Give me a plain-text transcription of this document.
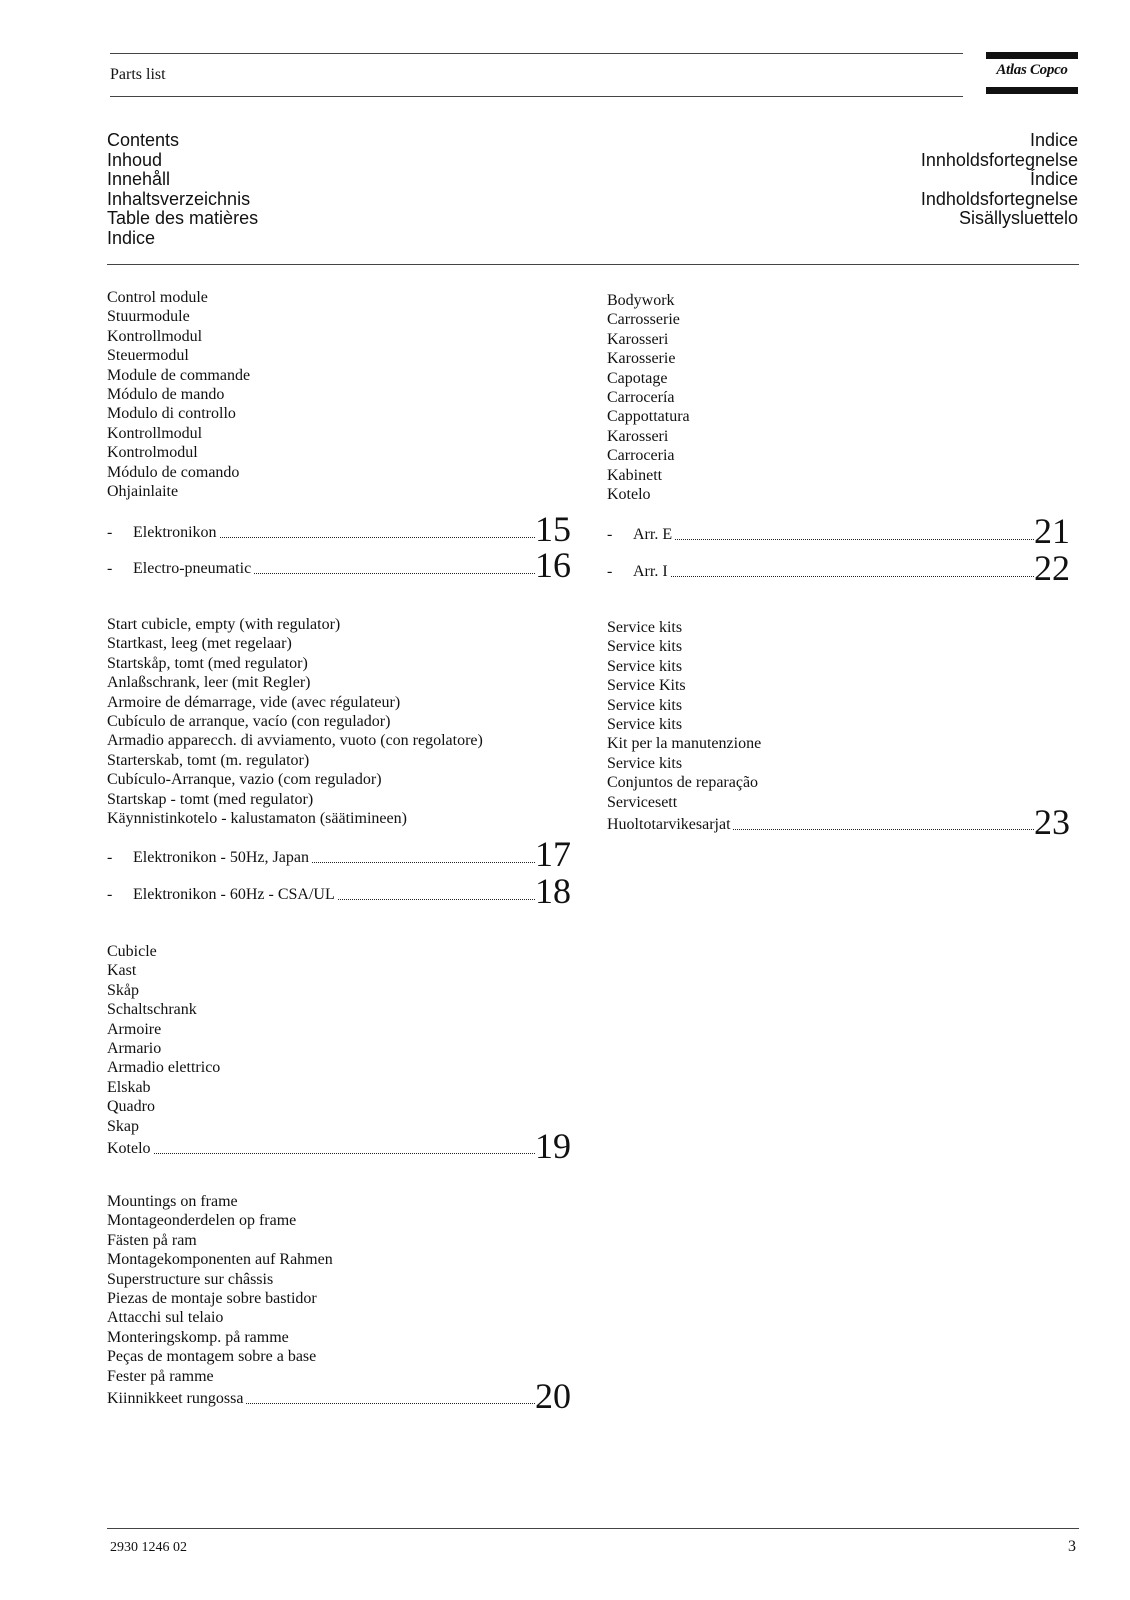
Parts list	Atlas Copco
Contents
Inhoud
Innehåll
Inhaltsverzeichnis
Table des matières
Indice
Indice
Innholdsfortegnelse
Índice
Indholdsfortegnelse
Sisällysluettelo
Control module
Stuurmodule
Kontrollmodul
Steuermodul
Module de commande
Módulo de mando
Modulo di controllo
Kontrollmodul
Kontrolmodul
Módulo de comando
Ohjainlaite
- Elektronikon	15
- Electro-pneumatic	16
Bodywork
Carrosserie
Karosseri
Karosserie
Capotage
Carrocería
Cappottatura
Karosseri
Carroceria
Kabinett
Kotelo
- Arr. E	21
- Arr. I	22
Start cubicle, empty (with regulator)
Startkast, leeg (met regelaar)
Startskåp, tomt (med regulator)
Anlaßschrank, leer (mit Regler)
Armoire de démarrage, vide (avec régulateur)
Cubículo de arranque, vacío (con regulador)
Armadio apparecch. di avviamento, vuoto (con regolatore)
Starterskab, tomt (m. regulator)
Cubículo-Arranque, vazio (com regulador)
Startskap - tomt (med regulator)
Käynnistinkotelo - kalustamaton (säätimineen)
- Elektronikon - 50Hz, Japan	17
- Elektronikon - 60Hz - CSA/UL	18
Service kits
Service kits
Service kits
Service Kits
Service kits
Service kits
Kit per la manutenzione
Service kits
Conjuntos de reparação
Servicesett
Huoltotarvikesarjat	23
Cubicle
Kast
Skåp
Schaltschrank
Armoire
Armario
Armadio elettrico
Elskab
Quadro
Skap
Kotelo	19
Mountings on frame
Montageonderdelen op frame
Fästen på ram
Montagekomponenten auf Rahmen
Superstructure sur châssis
Piezas de montaje sobre bastidor
Attacchi sul telaio
Monteringskomp. på ramme
Peças de montagem sobre a base
Fester på ramme
Kiinnikkeet rungossa	20
2930 1246 02	3
